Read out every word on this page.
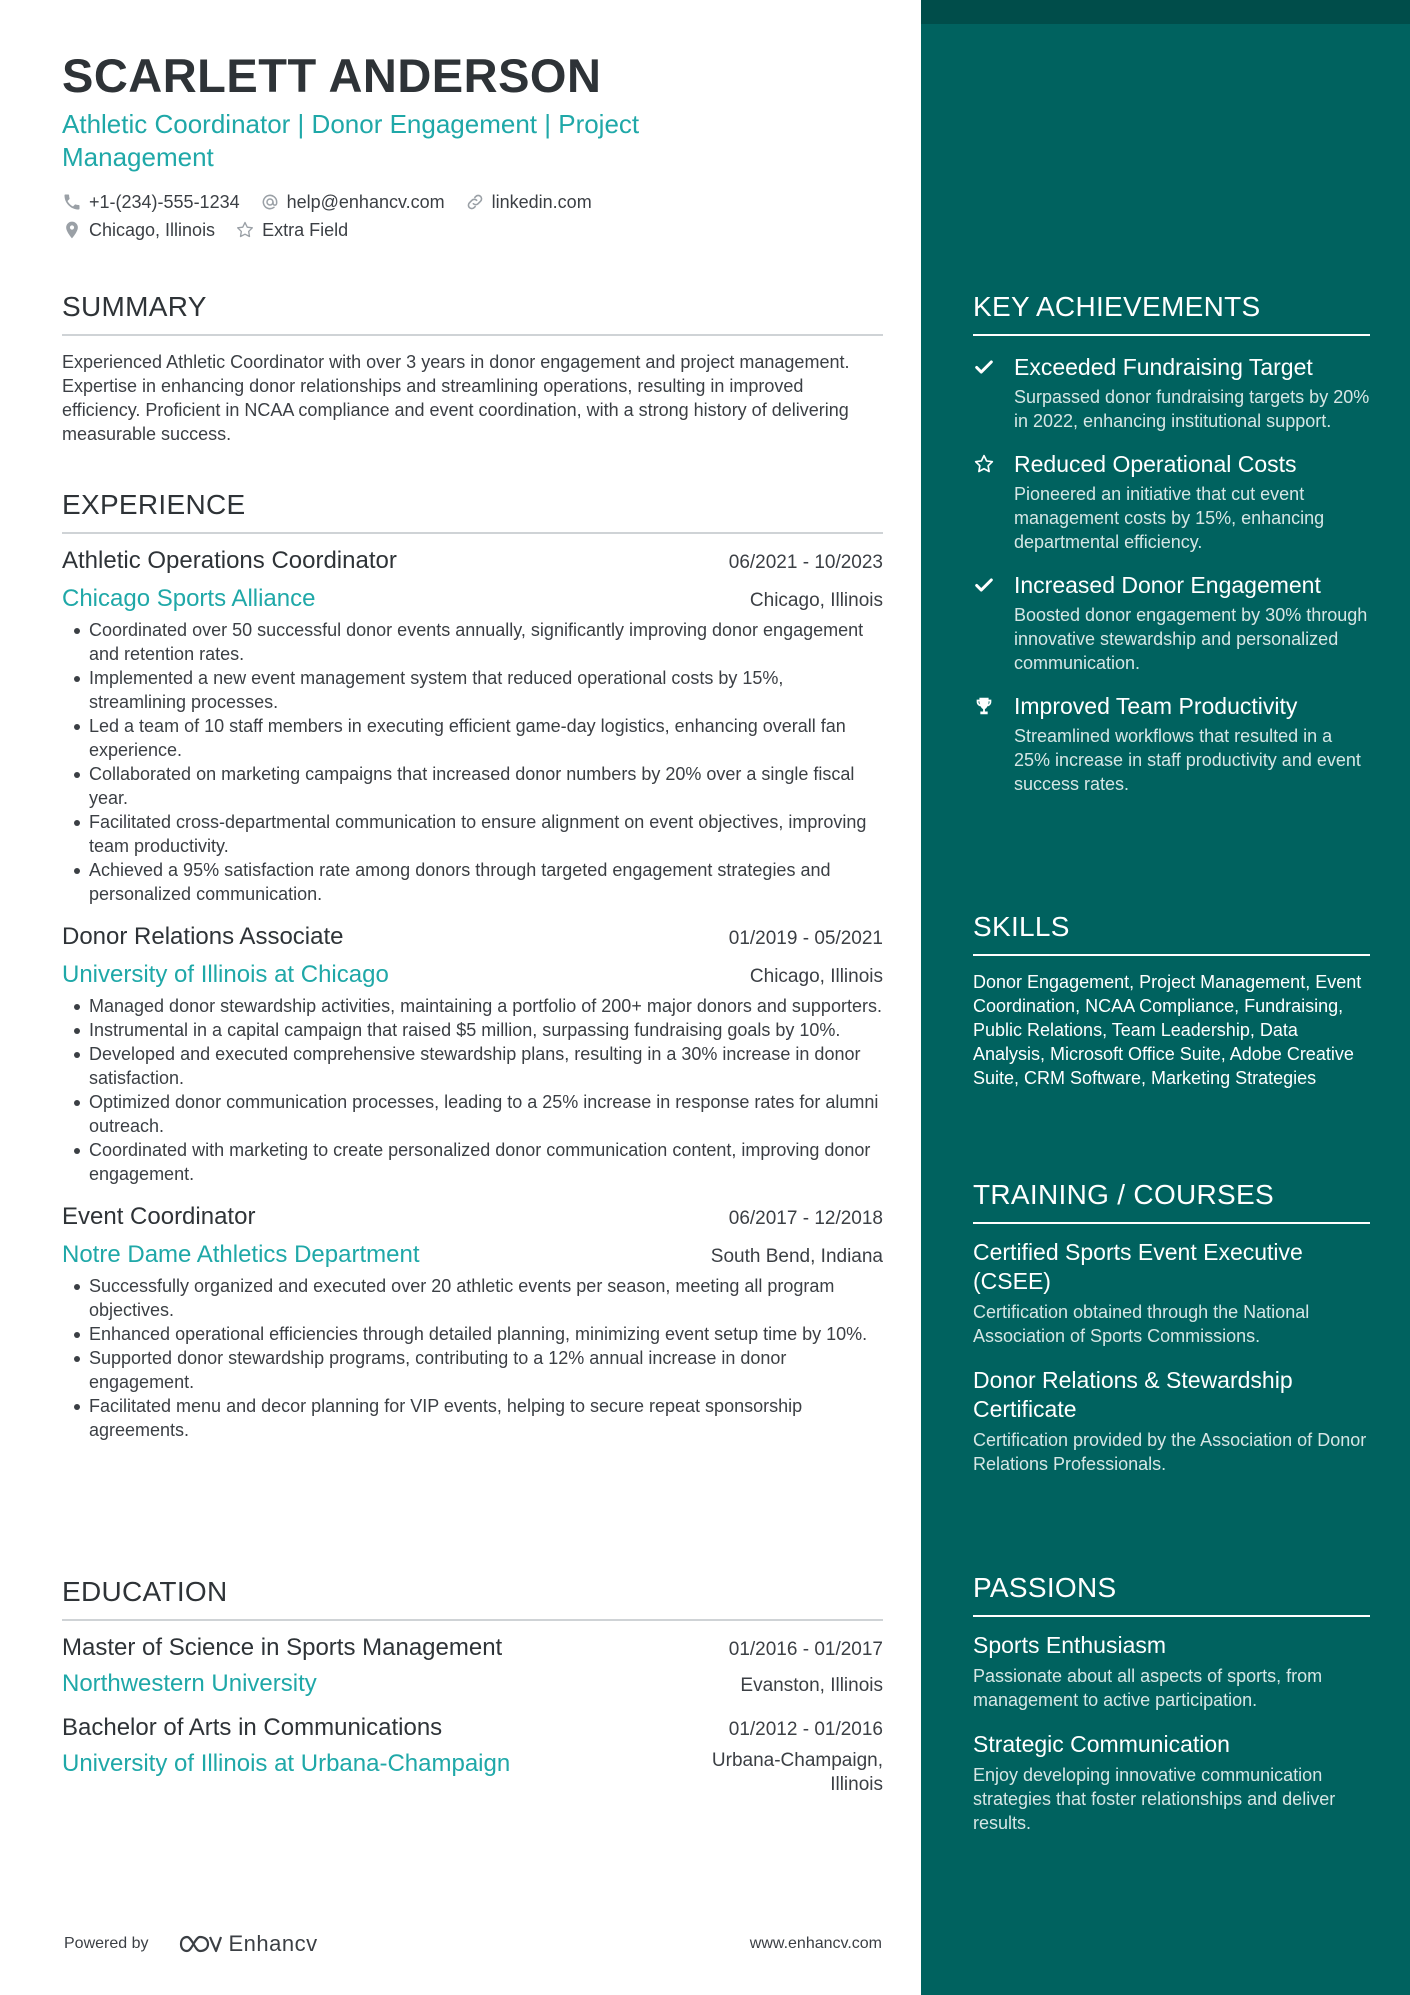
SCARLETT ANDERSON
Athletic Coordinator | Donor Engagement | Project Management
+1-(234)-555-1234	help@enhancv.com	linkedin.com
Chicago, Illinois	Extra Field
SUMMARY
Experienced Athletic Coordinator with over 3 years in donor engagement and project management. Expertise in enhancing donor relationships and streamlining operations, resulting in improved efficiency. Proficient in NCAA compliance and event coordination, with a strong history of delivering measurable success.
EXPERIENCE
Athletic Operations Coordinator	06/2021 - 10/2023
Chicago Sports Alliance	Chicago, Illinois
Coordinated over 50 successful donor events annually, significantly improving donor engagement and retention rates.
Implemented a new event management system that reduced operational costs by 15%, streamlining processes.
Led a team of 10 staff members in executing efficient game-day logistics, enhancing overall fan experience.
Collaborated on marketing campaigns that increased donor numbers by 20% over a single fiscal year.
Facilitated cross-departmental communication to ensure alignment on event objectives, improving team productivity.
Achieved a 95% satisfaction rate among donors through targeted engagement strategies and personalized communication.
Donor Relations Associate	01/2019 - 05/2021
University of Illinois at Chicago	Chicago, Illinois
Managed donor stewardship activities, maintaining a portfolio of 200+ major donors and supporters.
Instrumental in a capital campaign that raised $5 million, surpassing fundraising goals by 10%.
Developed and executed comprehensive stewardship plans, resulting in a 30% increase in donor satisfaction.
Optimized donor communication processes, leading to a 25% increase in response rates for alumni outreach.
Coordinated with marketing to create personalized donor communication content, improving donor engagement.
Event Coordinator	06/2017 - 12/2018
Notre Dame Athletics Department	South Bend, Indiana
Successfully organized and executed over 20 athletic events per season, meeting all program objectives.
Enhanced operational efficiencies through detailed planning, minimizing event setup time by 10%.
Supported donor stewardship programs, contributing to a 12% annual increase in donor engagement.
Facilitated menu and decor planning for VIP events, helping to secure repeat sponsorship agreements.
EDUCATION
Master of Science in Sports Management	01/2016 - 01/2017
Northwestern University	Evanston, Illinois
Bachelor of Arts in Communications	01/2012 - 01/2016
University of Illinois at Urbana-Champaign	Urbana-Champaign, Illinois
Powered by	Enhancv	www.enhancv.com
KEY ACHIEVEMENTS
Exceeded Fundraising Target
Surpassed donor fundraising targets by 20% in 2022, enhancing institutional support.
Reduced Operational Costs
Pioneered an initiative that cut event management costs by 15%, enhancing departmental efficiency.
Increased Donor Engagement
Boosted donor engagement by 30% through innovative stewardship and personalized communication.
Improved Team Productivity
Streamlined workflows that resulted in a 25% increase in staff productivity and event success rates.
SKILLS
Donor Engagement, Project Management, Event Coordination, NCAA Compliance, Fundraising, Public Relations, Team Leadership, Data Analysis, Microsoft Office Suite, Adobe Creative Suite, CRM Software, Marketing Strategies
TRAINING / COURSES
Certified Sports Event Executive (CSEE)
Certification obtained through the National Association of Sports Commissions.
Donor Relations & Stewardship Certificate
Certification provided by the Association of Donor Relations Professionals.
PASSIONS
Sports Enthusiasm
Passionate about all aspects of sports, from management to active participation.
Strategic Communication
Enjoy developing innovative communication strategies that foster relationships and deliver results.
